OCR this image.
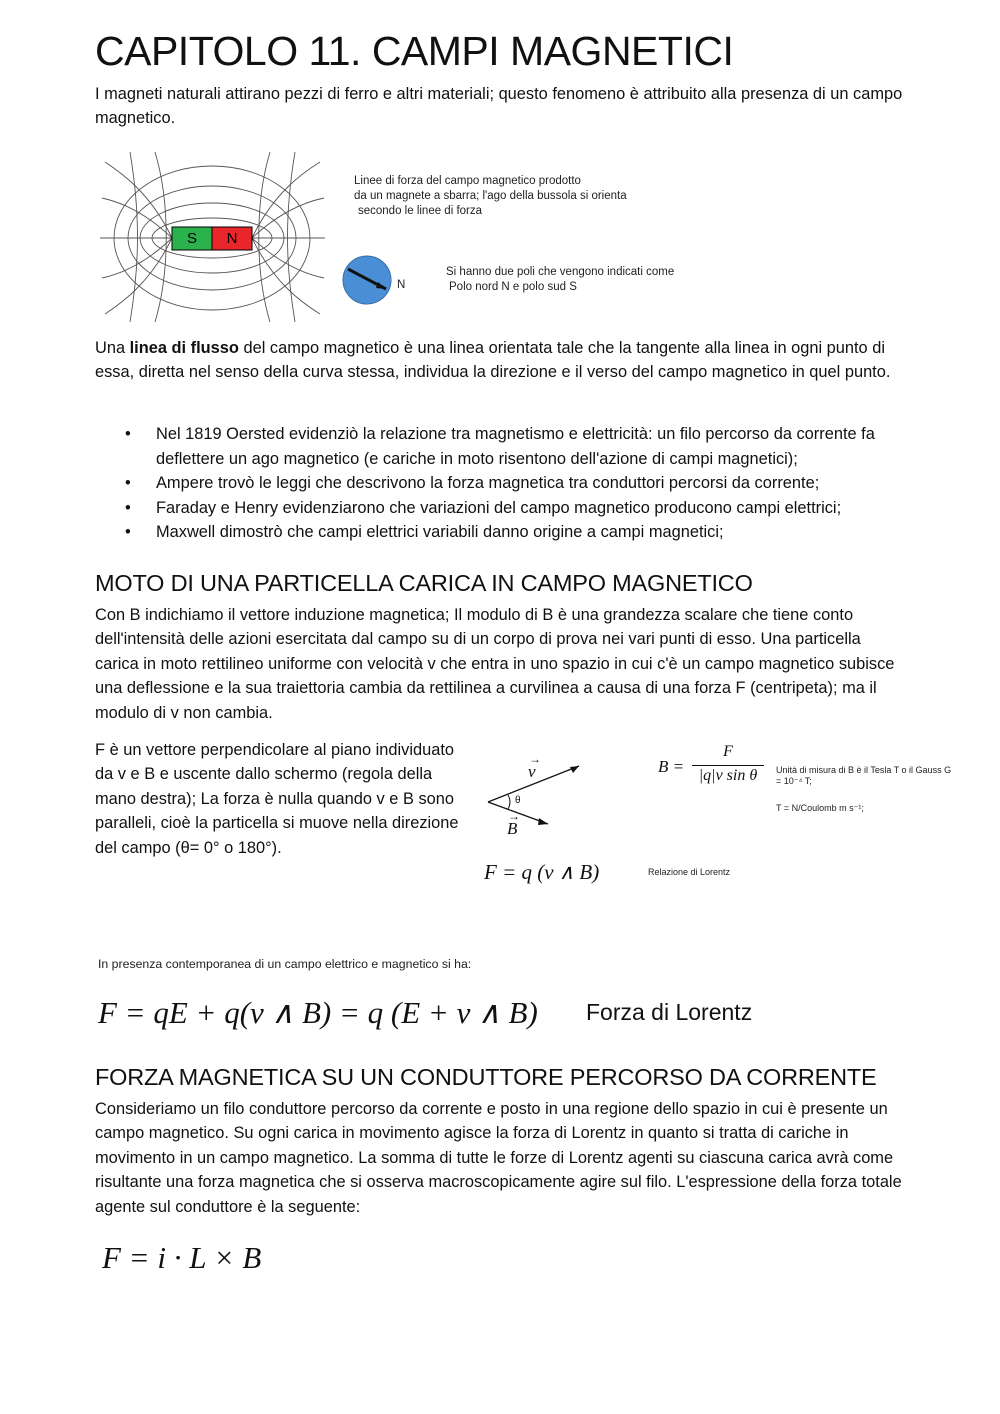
CAPITOLO 11. CAMPI MAGNETICI
I magneti naturali attirano pezzi di ferro e altri materiali; questo fenomeno è attribuito alla presenza di un campo magnetico.
S	N
Linee di forza del campo magnetico prodotto
da un magnete a sbarra; l'ago della bussola si orienta
secondo le linee di forza
N
Si hanno due poli che vengono indicati come
Polo nord N e polo sud S
Una linea di flusso del campo magnetico è una linea orientata tale che la tangente alla linea in ogni punto di essa, diretta nel senso della curva stessa, individua la direzione e il verso del campo magnetico in quel punto.
• Nel 1819 Oersted evidenziò la relazione tra magnetismo e elettricità: un filo percorso da corrente fa deflettere un ago magnetico (e cariche in moto risentono dell'azione di campi magnetici);
• Ampere trovò le leggi che descrivono la forza magnetica tra conduttori percorsi da corrente;
• Faraday e Henry evidenziarono che variazioni del campo magnetico producono campi elettrici;
• Maxwell dimostrò che campi elettrici variabili danno origine a campi magnetici;
MOTO DI UNA PARTICELLA CARICA IN CAMPO MAGNETICO
Con B indichiamo il vettore induzione magnetica; Il modulo di B è una grandezza scalare che tiene conto dell'intensità delle azioni esercitata dal campo su di un corpo di prova nei vari punti di esso. Una particella carica in moto rettilineo uniforme con velocità v che entra in uno spazio in cui c'è un campo magnetico subisce una deflessione e la sua traiettoria cambia da rettilinea a curvilinea a causa di una forza F (centripeta); ma il modulo di v non cambia.
F è un vettore perpendicolare al piano individuato da v e B e uscente dallo schermo (regola della mano destra); La forza è nulla quando v e B sono paralleli, cioè la particella si muove nella direzione del campo (θ= 0° o 180°).
v
→
B
→
θ
B =
F
|q|v sin θ	Unità di misura di B è il Tesla T o il Gauss G
= 10⁻⁴ T;
T = N/Coulomb m s⁻¹;
F = q (v ∧ B)	Relazione di Lorentz
In presenza contemporanea di un campo elettrico e magnetico si ha:
F = qE + q(v ∧ B) = q (E + v ∧ B) Forza di Lorentz
FORZA MAGNETICA SU UN CONDUTTORE PERCORSO DA CORRENTE
Consideriamo un filo conduttore percorso da corrente e posto in una regione dello spazio in cui è presente un campo magnetico. Su ogni carica in movimento agisce la forza di Lorentz in quanto si tratta di cariche in movimento in un campo magnetico. La somma di tutte le forze di Lorentz agenti su ciascuna carica avrà come risultante una forza magnetica che si osserva macroscopicamente agire sul filo. L'espressione della forza totale agente sul conduttore è la seguente:
F = i · L × B
